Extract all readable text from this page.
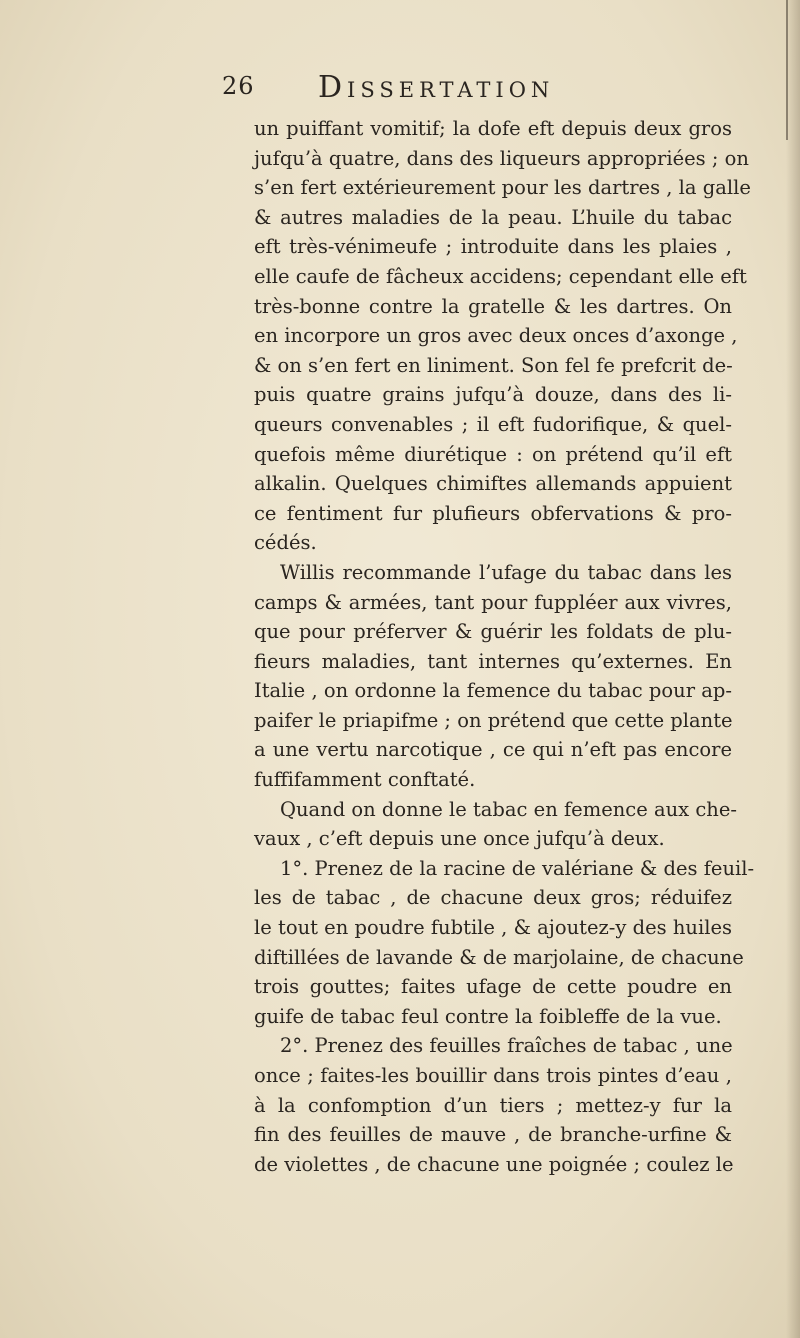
26 Dissertation
un puiffant vomitif; la dofe eft depuis deux gros
jufqu’à quatre, dans des liqueurs appropriées ; on
s’en fert extérieurement pour les dartres , la galle
& autres maladies de la peau. L’huile du tabac
eft très-vénimeufe ; introduite dans les plaies ,
elle caufe de fâcheux accidens; cependant elle eft
très-bonne contre la gratelle & les dartres. On
en incorpore un gros avec deux onces d’axonge ,
& on s’en fert en liniment. Son fel fe prefcrit de-
puis quatre grains jufqu’à douze, dans des li-
queurs convenables ; il eft fudorifique, & quel-
quefois même diurétique : on prétend qu’il eft
alkalin. Quelques chimiftes allemands appuient
ce fentiment fur plufieurs obfervations & pro-
cédés.
Willis recommande l’ufage du tabac dans les
camps & armées, tant pour fuppléer aux vivres,
que pour préferver & guérir les foldats de plu-
fieurs maladies, tant internes qu’externes. En
Italie , on ordonne la femence du tabac pour ap-
paifer le priapifme ; on prétend que cette plante
a une vertu narcotique , ce qui n’eft pas encore
fuffifamment conftaté.
Quand on donne le tabac en femence aux che-
vaux , c’eft depuis une once jufqu’à deux.
1°. Prenez de la racine de valériane & des feuil-
les de tabac , de chacune deux gros; réduifez
le tout en poudre fubtile , & ajoutez-y des huiles
diftillées de lavande & de marjolaine, de chacune
trois gouttes; faites ufage de cette poudre en
guife de tabac feul contre la foibleffe de la vue.
2°. Prenez des feuilles fraîches de tabac , une
once ; faites-les bouillir dans trois pintes d’eau ,
à la confomption d’un tiers ; mettez-y fur la
fin des feuilles de mauve , de branche-urfine &
de violettes , de chacune une poignée ; coulez le
